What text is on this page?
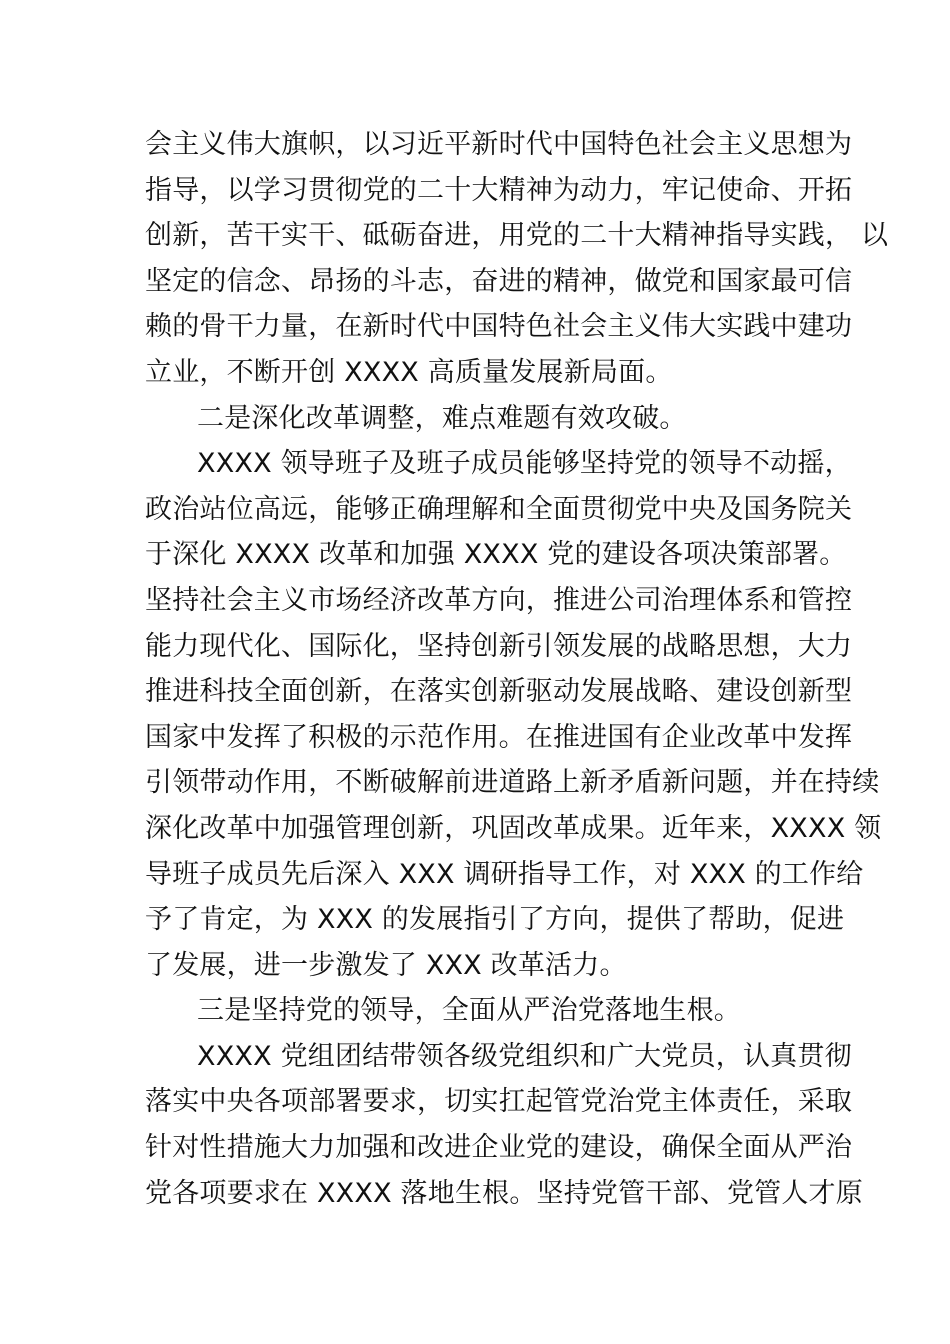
会主义伟大旗帜，以习近平新时代中国特色社会主义思想为
指导，以学习贯彻党的二十大精神为动力，牢记使命、开拓
创新，苦干实干、砥砺奋进，用党的二十大精神指导实践， 以
坚定的信念、昂扬的斗志，奋进的精神，做党和国家最可信
赖的骨干力量，在新时代中国特色社会主义伟大实践中建功
立业，不断开创 XXXX 高质量发展新局面。
二是深化改革调整，难点难题有效攻破。
XXXX 领导班子及班子成员能够坚持党的领导不动摇，
政治站位高远，能够正确理解和全面贯彻党中央及国务院关
于深化 XXXX 改革和加强 XXXX 党的建设各项决策部署。
坚持社会主义市场经济改革方向，推进公司治理体系和管控
能力现代化、国际化，坚持创新引领发展的战略思想，大力
推进科技全面创新，在落实创新驱动发展战略、建设创新型
国家中发挥了积极的示范作用。在推进国有企业改革中发挥
引领带动作用，不断破解前进道路上新矛盾新问题，并在持续
深化改革中加强管理创新，巩固改革成果。近年来，XXXX 领
导班子成员先后深入 XXX 调研指导工作，对 XXX 的工作给
予了肯定，为 XXX 的发展指引了方向，提供了帮助，促进
了发展，进一步激发了 XXX 改革活力。
三是坚持党的领导，全面从严治党落地生根。
XXXX 党组团结带领各级党组织和广大党员，认真贯彻
落实中央各项部署要求，切实扛起管党治党主体责任，采取
针对性措施大力加强和改进企业党的建设，确保全面从严治
党各项要求在 XXXX 落地生根。坚持党管干部、党管人才原
